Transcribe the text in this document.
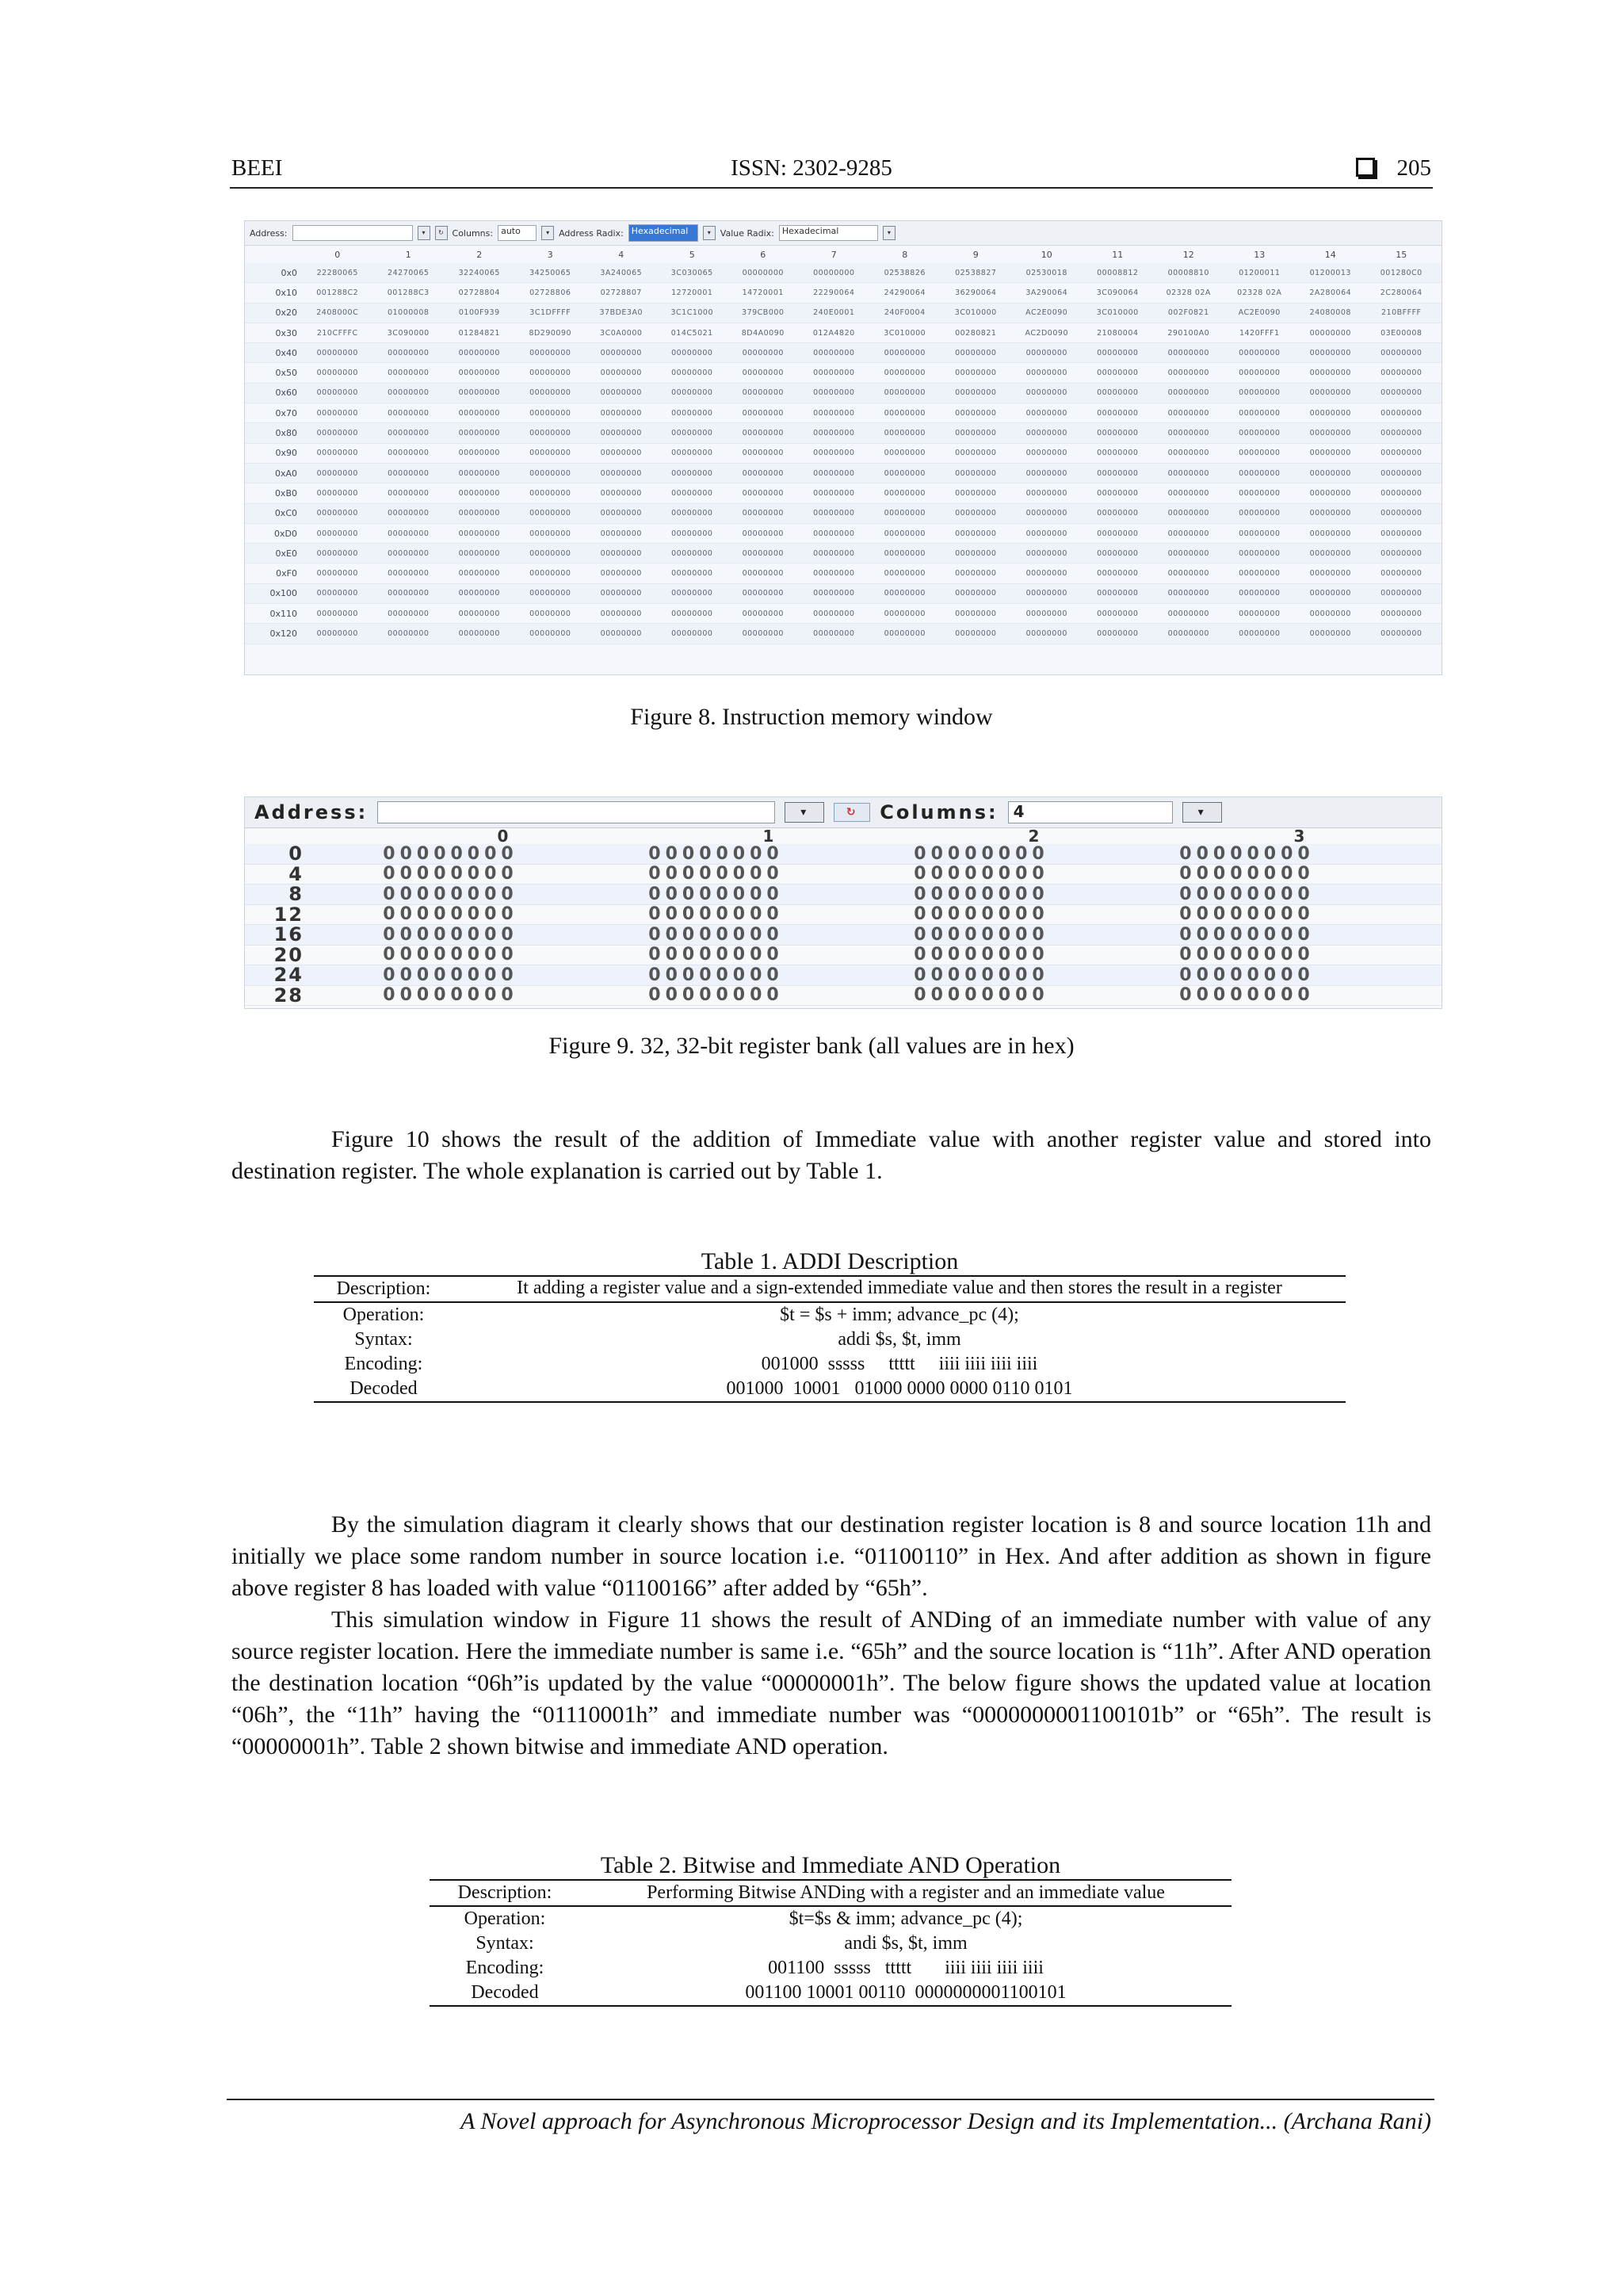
BEEI	ISSN: 2302-9285	205
Address:	▾	↻ Columns: auto	▾	Address Radix: Hexadecimal	▾	Value Radix: Hexadecimal	▾
0	1	2	3	4	5	6	7	8	9	10	11	12	13	14	15
0x0	22280065	24270065	32240065	34250065	3A240065	3C030065	00000000	00000000	02538826	02538827	02530018	00008812	00008810	01200011	01200013	001280C0
0x10	001288C2	001288C3	02728804	02728806	02728807	12720001	14720001	22290064	24290064	36290064	3A290064	3C090064	02328 02A	02328 02A	2A280064	2C280064
0x20	2408000C	01000008	0100F939	3C1DFFFF	37BDE3A0	3C1C1000	379CB000	240E0001	240F0004	3C010000	AC2E0090	3C010000	002F0821	AC2E0090	24080008	210BFFFF
0x30	210CFFFC	3C090000	01284821	8D290090	3C0A0000	014C5021	8D4A0090	012A4820	3C010000	00280821	AC2D0090	21080004	290100A0	1420FFF1	00000000	03E00008
0x40	00000000	00000000	00000000	00000000	00000000	00000000	00000000	00000000	00000000	00000000	00000000	00000000	00000000	00000000	00000000	00000000
0x50	00000000	00000000	00000000	00000000	00000000	00000000	00000000	00000000	00000000	00000000	00000000	00000000	00000000	00000000	00000000	00000000
0x60	00000000	00000000	00000000	00000000	00000000	00000000	00000000	00000000	00000000	00000000	00000000	00000000	00000000	00000000	00000000	00000000
0x70	00000000	00000000	00000000	00000000	00000000	00000000	00000000	00000000	00000000	00000000	00000000	00000000	00000000	00000000	00000000	00000000
0x80	00000000	00000000	00000000	00000000	00000000	00000000	00000000	00000000	00000000	00000000	00000000	00000000	00000000	00000000	00000000	00000000
0x90	00000000	00000000	00000000	00000000	00000000	00000000	00000000	00000000	00000000	00000000	00000000	00000000	00000000	00000000	00000000	00000000
0xA0	00000000	00000000	00000000	00000000	00000000	00000000	00000000	00000000	00000000	00000000	00000000	00000000	00000000	00000000	00000000	00000000
0xB0	00000000	00000000	00000000	00000000	00000000	00000000	00000000	00000000	00000000	00000000	00000000	00000000	00000000	00000000	00000000	00000000
0xC0	00000000	00000000	00000000	00000000	00000000	00000000	00000000	00000000	00000000	00000000	00000000	00000000	00000000	00000000	00000000	00000000
0xD0	00000000	00000000	00000000	00000000	00000000	00000000	00000000	00000000	00000000	00000000	00000000	00000000	00000000	00000000	00000000	00000000
0xE0	00000000	00000000	00000000	00000000	00000000	00000000	00000000	00000000	00000000	00000000	00000000	00000000	00000000	00000000	00000000	00000000
0xF0	00000000	00000000	00000000	00000000	00000000	00000000	00000000	00000000	00000000	00000000	00000000	00000000	00000000	00000000	00000000	00000000
0x100	00000000	00000000	00000000	00000000	00000000	00000000	00000000	00000000	00000000	00000000	00000000	00000000	00000000	00000000	00000000	00000000
0x110	00000000	00000000	00000000	00000000	00000000	00000000	00000000	00000000	00000000	00000000	00000000	00000000	00000000	00000000	00000000	00000000
0x120	00000000	00000000	00000000	00000000	00000000	00000000	00000000	00000000	00000000	00000000	00000000	00000000	00000000	00000000	00000000	00000000
Figure 8. Instruction memory window
Address:	▾	↻	Columns: 4	▾
0	1	2	3
0	00000000	00000000	00000000	00000000
4	00000000	00000000	00000000	00000000
8	00000000	00000000	00000000	00000000
12	00000000	00000000	00000000	00000000
16	00000000	00000000	00000000	00000000
20	00000000	00000000	00000000	00000000
24	00000000	00000000	00000000	00000000
28	00000000	00000000	00000000	00000000
Figure 9. 32, 32-bit register bank (all values are in hex)
Figure 10 shows the result of the addition of Immediate value with another register value and stored into destination register. The whole explanation is carried out by Table 1.
Table 1. ADDI Description
Description:	It adding a register value and a sign-extended immediate value and then stores the result in a register
Operation:	$t = $s + imm; advance_pc (4);
Syntax:	addi $s, $t, imm
Encoding:	001000  sssss     ttttt     iiii iiii iiii iiii
Decoded	001000  10001   01000 0000 0000 0110 0101
By the simulation diagram it clearly shows that our destination register location is 8 and source location 11h and initially we place some random number in source location i.e. “01100110” in Hex. And after addition as shown in figure above register 8 has loaded with value “01100166” after added by “65h”.
This simulation window in Figure 11 shows the result of ANDing of an immediate number with value of any source register location. Here the immediate number is same i.e. “65h” and the source location is “11h”. After AND operation the destination location “06h”is updated by the value “00000001h”. The below figure shows the updated value at location “06h”, the “11h” having the “01110001h” and immediate number was “0000000001100101b” or “65h”. The result is “00000001h”. Table 2 shown bitwise and immediate AND operation.
Table 2. Bitwise and Immediate AND Operation
Description:	Performing Bitwise ANDing with a register and an immediate value
Operation:	$t=$s & imm; advance_pc (4);
Syntax:	andi $s, $t, imm
Encoding:	001100  sssss   ttttt       iiii iiii iiii iiii
Decoded	001100 10001 00110  0000000001100101
A Novel approach for Asynchronous Microprocessor Design and its Implementation... (Archana Rani)
